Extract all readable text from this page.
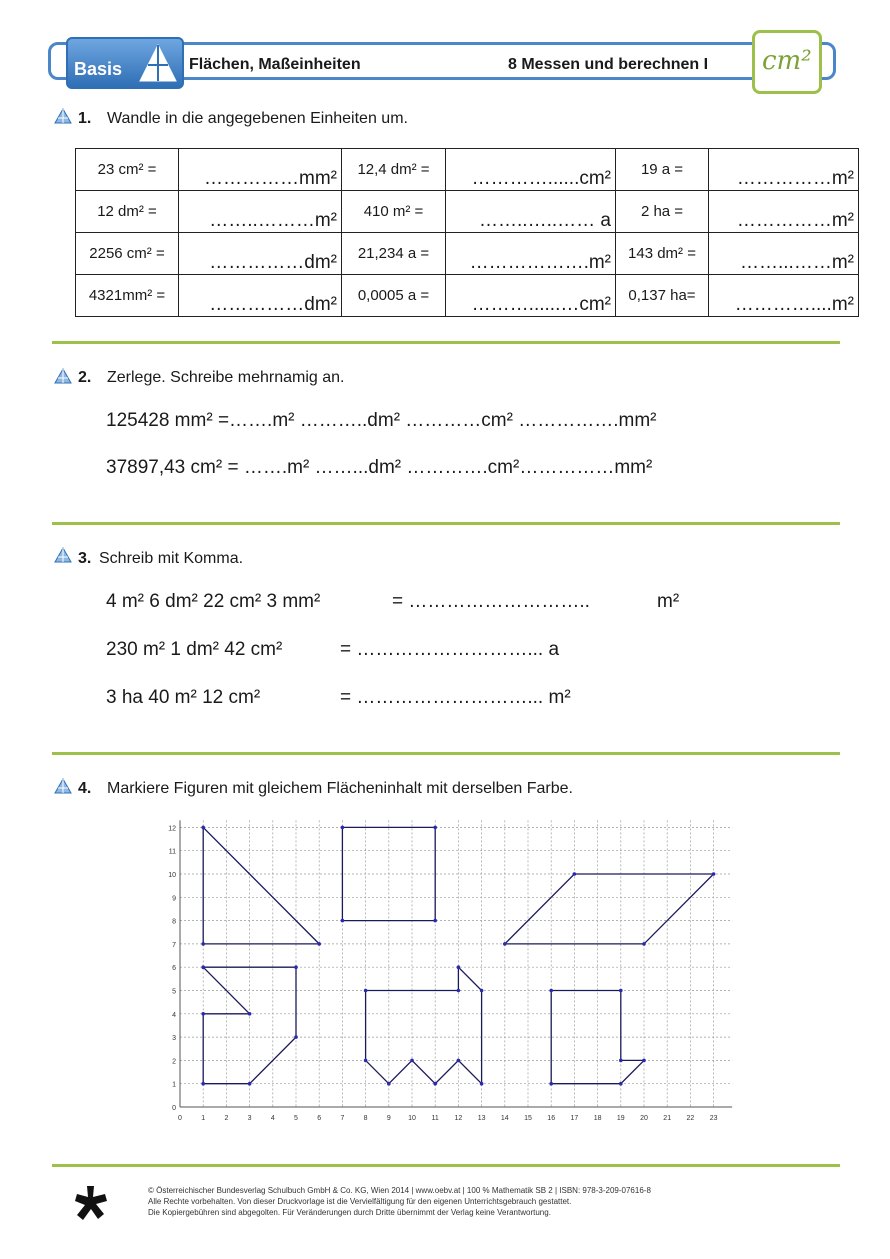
Basis	Flächen, Maßeinheiten	8 Messen und berechnen I cm²
1. Wandle in die angegebenen Einheiten um.
23 cm² =	……………mm²	12,4 dm² =	…………......cm²	19 a =	……………m²
12 dm² =	……..………m²	410 m² =	……..…..…… a	2 ha =	……………m²
2256 cm² =	……………dm²	21,234 a =	……………….m²	143 dm² =	……...……m²
4321mm² =	……………dm²	0,0005 a =	………......…cm²	0,137 ha=	…………....m²
2. Zerlege. Schreibe mehrnamig an.
125428 mm² =…….m² ………..dm² …………cm² …………….mm²
37897,43 cm² = …….m² ……...dm² ………….cm²……………mm²
3. Schreib mit Komma.
4 m² 6 dm² 22 cm² 3 mm²	= ………………………..	m²
230 m² 1 dm² 42 cm²	= ………………………... a
3 ha 40 m² 12 cm²	= ………………………... m²
4. Markiere Figuren mit gleichem Flächeninhalt mit derselben Farbe.
0	1	2	3	4	5	6	7	8	9 10 11 12 13 14 15 16 17 18 19 20 21 22 23
0
1
2
3
4
5
6
7
8
9
10
11
12
© Österreichischer Bundesverlag Schulbuch GmbH & Co. KG, Wien 2014 | www.oebv.at | 100 % Mathematik SB 2 | ISBN: 978-3-209-07616-8
Alle Rechte vorbehalten. Von dieser Druckvorlage ist die Vervielfältigung für den eigenen Unterrichtsgebrauch gestattet.
Die Kopiergebühren sind abgegolten. Für Veränderungen durch Dritte übernimmt der Verlag keine Verantwortung.
